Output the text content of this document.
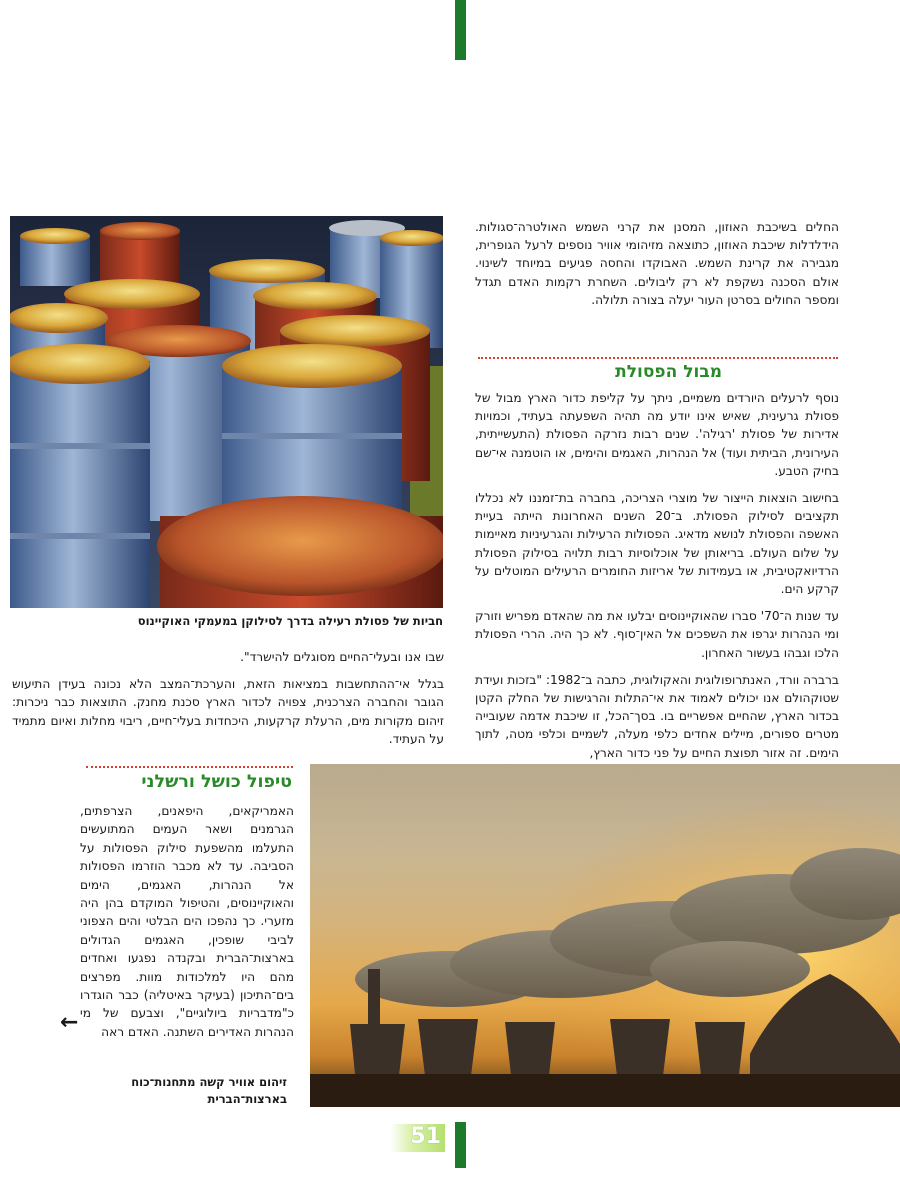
החלים בשיכבת האוזון, המסנן את קרני השמש האולטרה־סגולות. הידלדלות שיכבת האוזון, כתוצאה מזיהומי אוויר נוספים לרעל הגופרית, מגבירה את קרינת השמש. האבוקדו והחסה פגיעים במיוחד לשינוי. אולם הסכנה נשקפת לא רק ליבולים. השחרת רקמות האדם תגדל ומספר החולים בסרטן העור יעלה בצורה תלולה.

מבול הפסולת

נוסף לרעלים היורדים משמיים, ניתך על קליפת כדור הארץ מבול של פסולת גרעינית, שאיש אינו יודע מה תהיה השפעתה בעתיד, וכמויות אדירות של פסולת 'רגילה'. שנים רבות נזרקה הפסולת (התעשייתית, העירונית, הביתית ועוד) אל הנהרות, האגמים והימים, או הוטמנה אי־שם בחיק הטבע.

בחישוב הוצאות הייצור של מוצרי הצריכה, בחברה בת־זמננו לא נכללו תקציבים לסילוק הפסולת. ב־20 השנים האחרונות הייתה בעיית האשפה והפסולת לנושא מדאיג. הפסולות הרעילות והגרעיניות מאיימות על שלום העולם. בריאותן של אוכלוסיות רבות תלויה בסילוק הפסולת הרדיואקטיבית, או בעמידות של אריזות החומרים הרעילים המוטלים על קרקע הים.

עד שנות ה־70' סברו שהאוקיינוסים יבלעו את מה שהאדם מפריש וזורק ומי הנהרות יגרפו את השפכים אל האין־סוף. לא כך היה. הררי הפסולת הלכו וגבהו בעשור האחרון.

ברברה וורד, האנתרופולוגית והאקולוגית, כתבה ב־1982: "בזכות ועידת שטוקהולם אנו יכולים לאמוד את אי־התלות והרגישות של החלק הקטן בכדור הארץ, שהחיים אפשריים בו. בסך־הכל, זו שיכבת אדמה שעובייה מטרים ספורים, מיילים אחדים כלפי מעלה, לשמיים וכלפי מטה, לתוך הימים. זה אזור תפוצת החיים על פני כדור הארץ,

חביות של פסולת רעילה בדרך לסילוקן במעמקי האוקיינוס

שבו אנו ובעלי־החיים מסוגלים להישרד".

בגלל אי־ההתחשבות במציאות הזאת, והערכת־המצב הלא נכונה בעידן התיעוש הגובר והחברה הצרכנית, צפויה לכדור הארץ סכנת מחנק. התוצאות כבר ניכרות: זיהום מקורות מים, הרעלת קרקעות, היכחדות בעלי־חיים, ריבוי מחלות ואיום מתמיד על העתיד.

טיפול כושל ורשלני

האמריקאים, היפאנים, הצרפתים, הגרמנים ושאר העמים המתועשים התעלמו מהשפעת סילוק הפסולות על הסביבה. עד לא מכבר הוזרמו הפסולות אל הנהרות, האגמים, הימים והאוקיינוסים, והטיפול המוקדם בהן היה מזערי. כך נהפכו הים הבלטי והים הצפוני לביבי שופכין, האגמים הגדולים בארצות־הברית ובקנדה נפגעו ואחדים מהם היו למלכודות מוות. מפרצים בים־התיכון (בעיקר באיטליה) כבר הוגדרו כ"מדבריות ביולוגיים", וצבעם של מי הנהרות האדירים השתנה. האדם ראה

←
זיהום אוויר קשה מתחנות־כוח
בארצות־הברית
51
